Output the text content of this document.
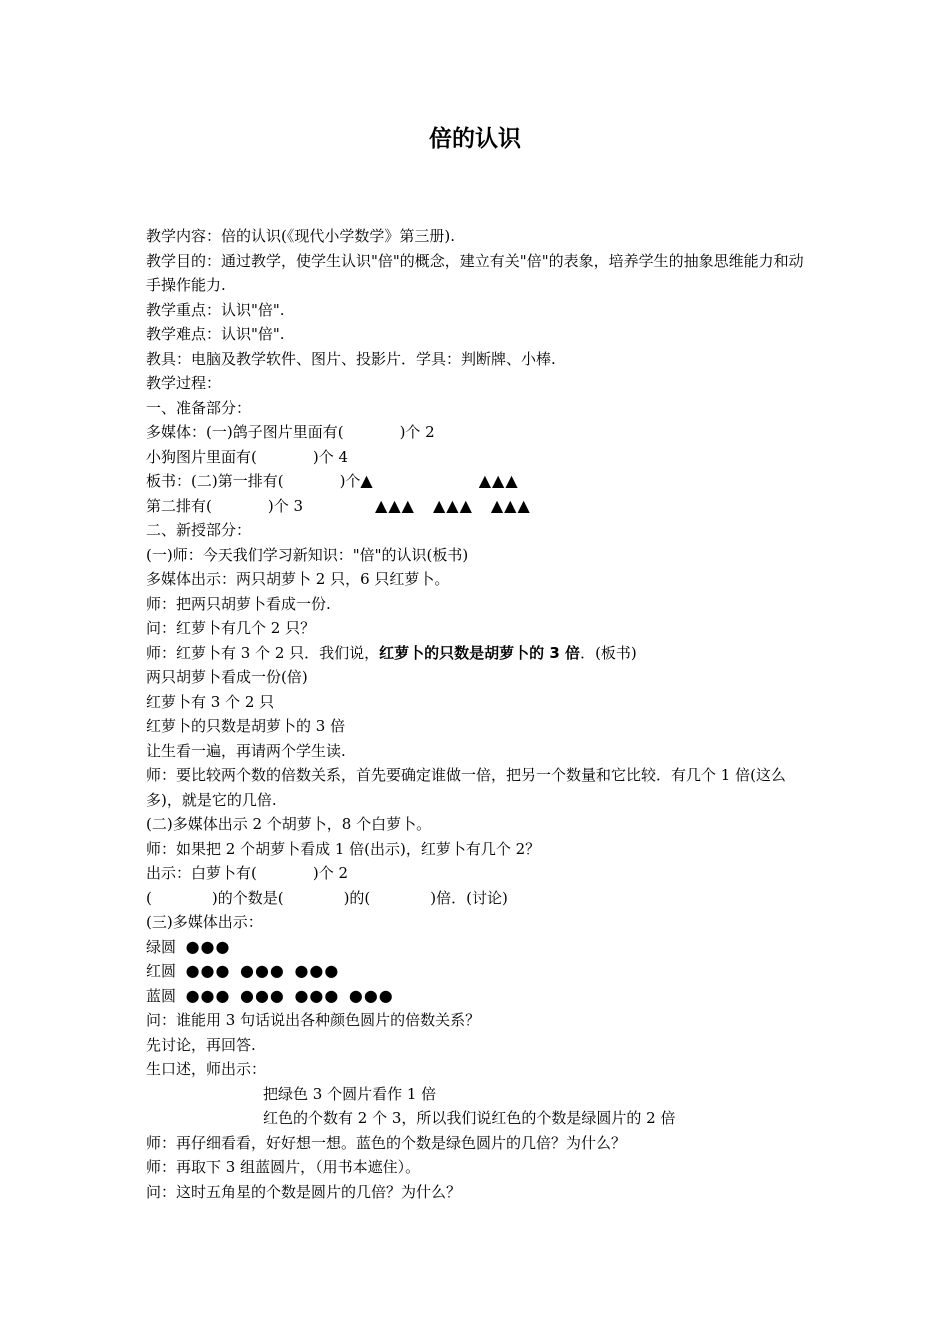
倍的认识
教学内容：倍的认识(《现代小学数学》第三册).
教学目的：通过教学，使学生认识"倍"的概念，建立有关"倍"的表象，培养学生的抽象思维能力和动手操作能力.
教学重点：认识"倍".
教学难点：认识"倍".
教具：电脑及教学软件、图片、投影片．学具：判断牌、小棒.
教学过程：
一、准备部分：
多媒体：(一)鸽子图片里面有(	)个 2
小狗图片里面有(	)个 4
板书：(二)第一排有(	)个▲	▲▲▲
第二排有(	)个 3	▲▲▲ ▲▲▲ ▲▲▲
二、新授部分：
(一)师：今天我们学习新知识："倍"的认识(板书)
多媒体出示：两只胡萝卜 2 只，6 只红萝卜。
师：把两只胡萝卜看成一份.
问：红萝卜有几个 2 只？
师：红萝卜有 3 个 2 只．我们说，红萝卜的只数是胡萝卜的 3 倍．(板书)
两只胡萝卜看成一份(倍)
红萝卜有 3 个 2 只
红萝卜的只数是胡萝卜的 3 倍
让生看一遍，再请两个学生读.
师：要比较两个数的倍数关系，首先要确定谁做一倍，把另一个数量和它比较．有几个 1 倍(这么多)，就是它的几倍.
(二)多媒体出示 2 个胡萝卜，8 个白萝卜。
师：如果把 2 个胡萝卜看成 1 倍(出示)，红萝卜有几个 2？
出示：白萝卜有(	)个 2
(	)的个数是(	)的(	)倍．(讨论)
(三)多媒体出示：
绿圆 ●●●
红圆 ●●● ●●● ●●●
蓝圆 ●●● ●●● ●●● ●●●
问：谁能用 3 句话说出各种颜色圆片的倍数关系？
先讨论，再回答.
生口述，师出示：
把绿色 3 个圆片看作 1 倍
红色的个数有 2 个 3，所以我们说红色的个数是绿圆片的 2 倍
师：再仔细看看，好好想一想。蓝色的个数是绿色圆片的几倍？为什么？
师：再取下 3 组蓝圆片，（用书本遮住）。
问：这时五角星的个数是圆片的几倍？为什么？
